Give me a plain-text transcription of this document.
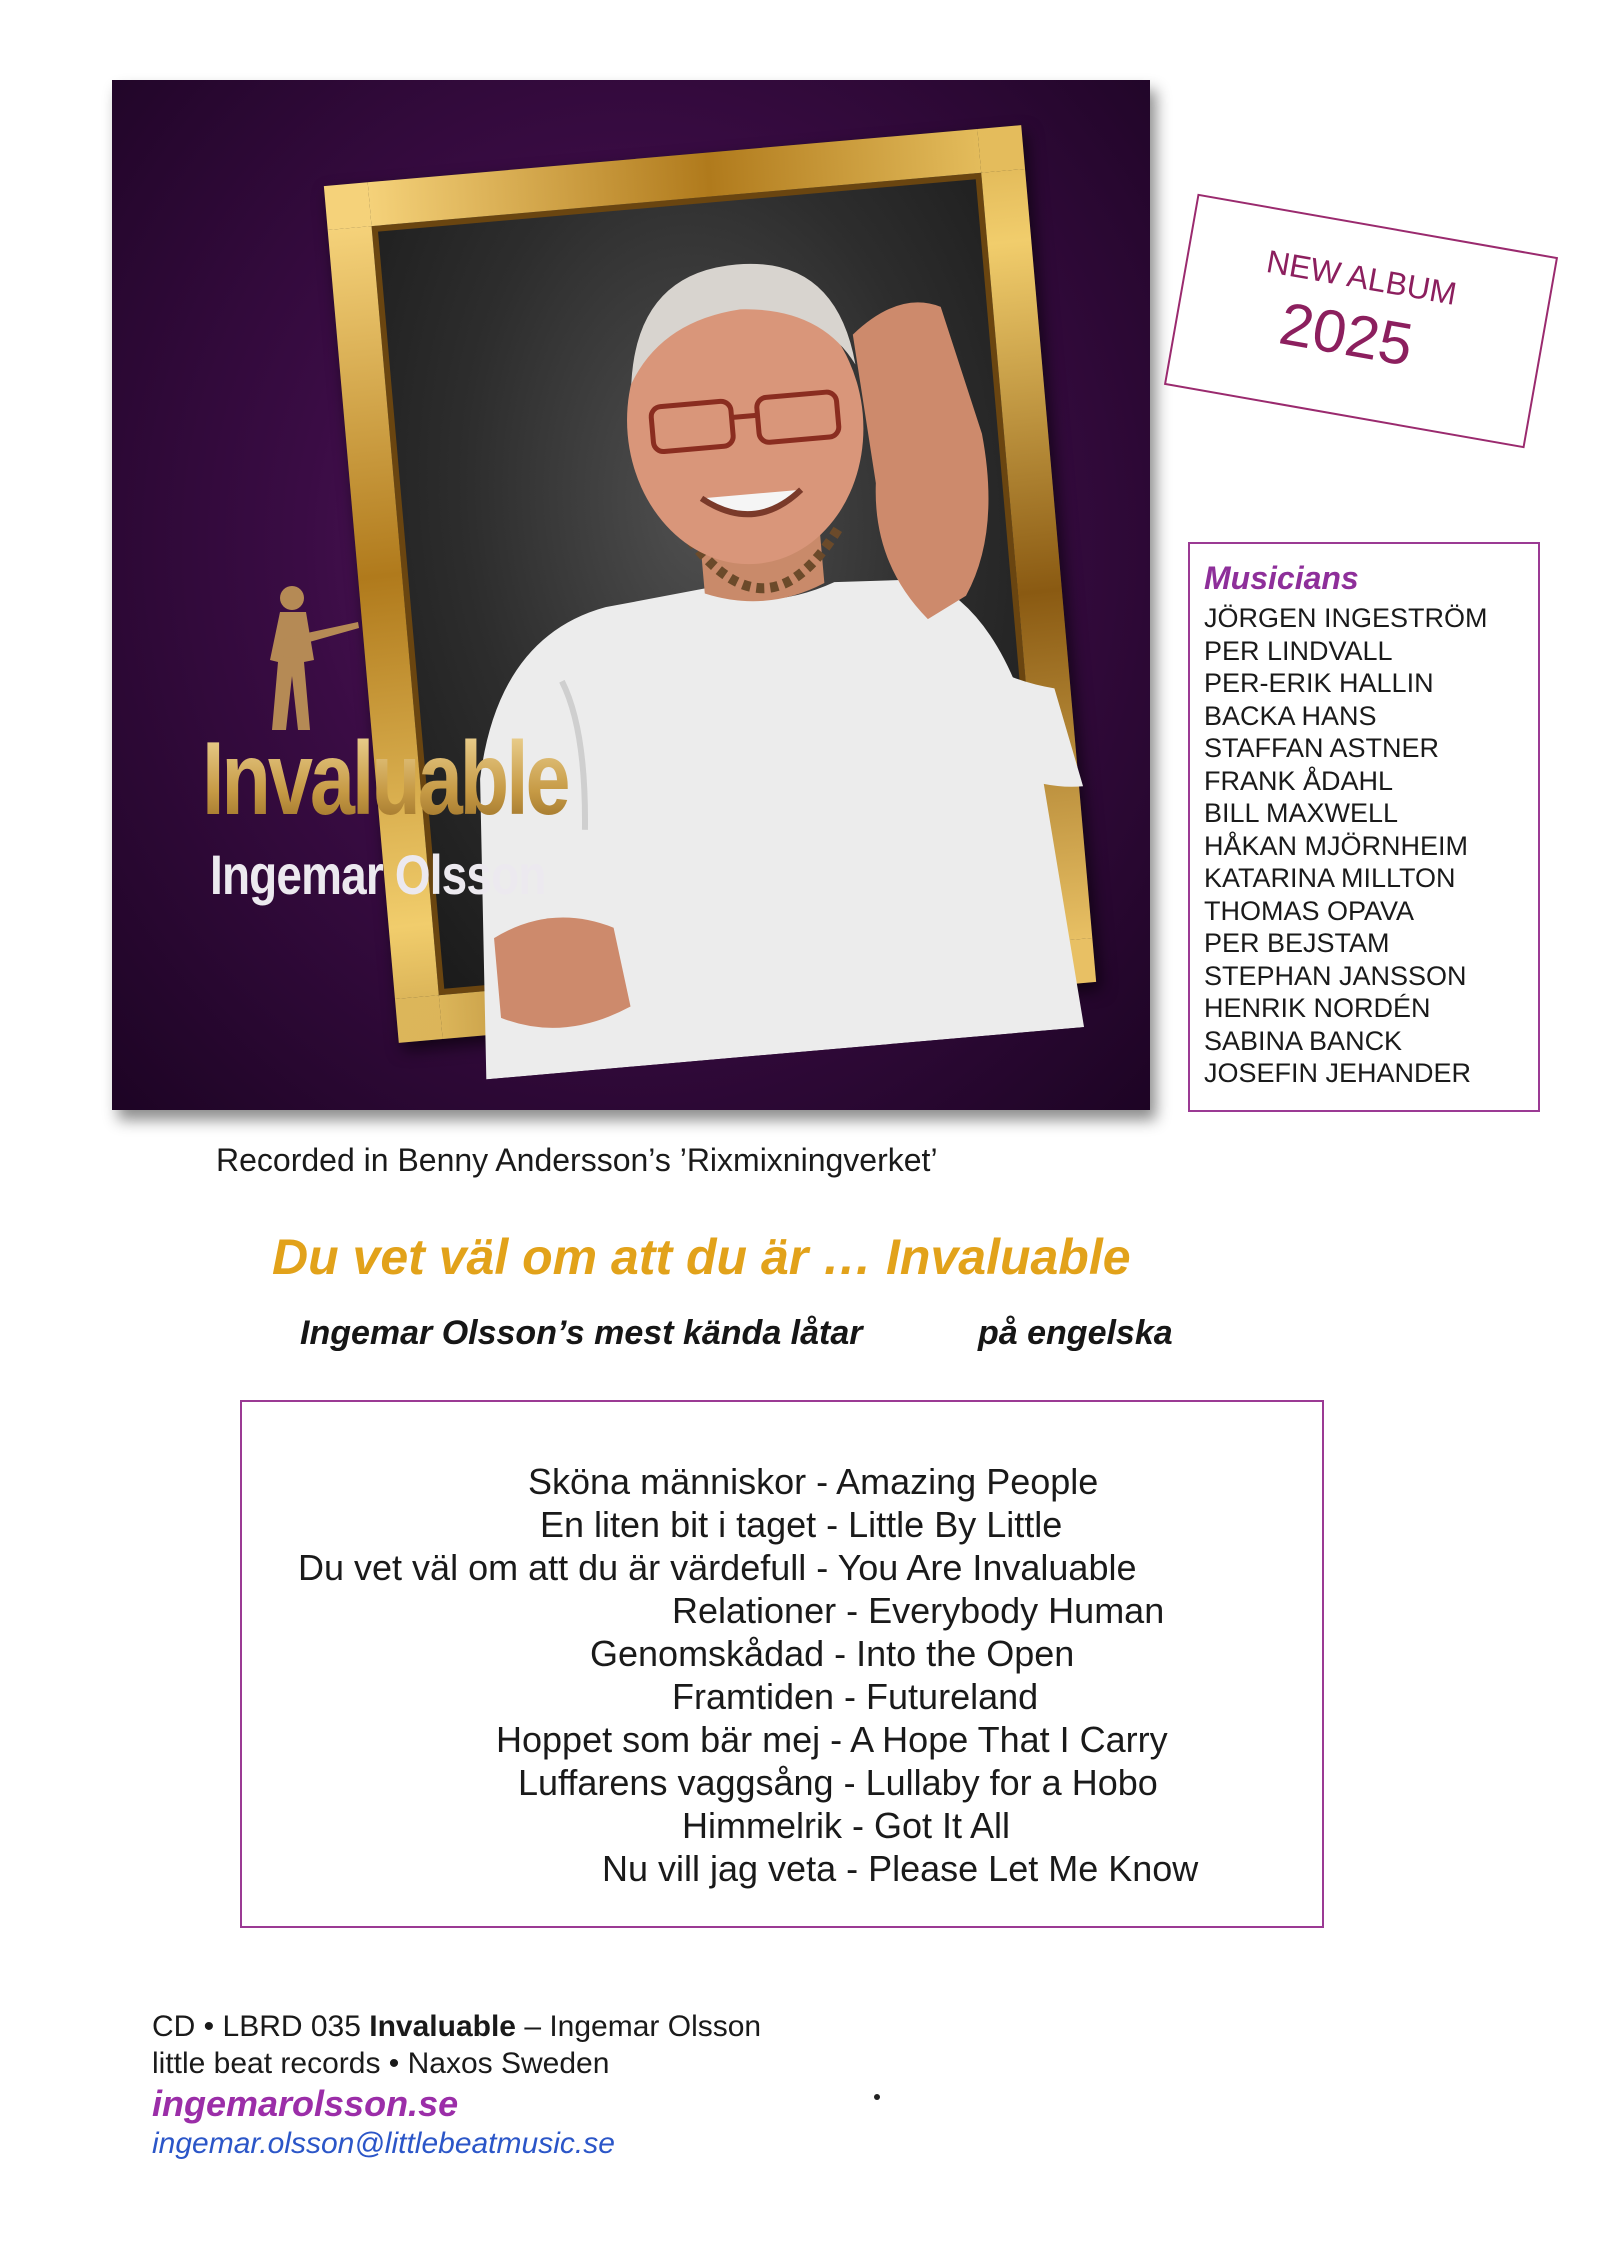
Invaluable
Ingemar Olsson
NEW ALBUM
2025
Musicians
JÖRGEN INGESTRÖM
PER LINDVALL
PER-ERIK HALLIN
BACKA HANS
STAFFAN ASTNER
FRANK ÅDAHL
BILL MAXWELL
HÅKAN MJÖRNHEIM
KATARINA MILLTON
THOMAS OPAVA
PER BEJSTAM
STEPHAN JANSSON
HENRIK NORDÉN
SABINA BANCK
JOSEFIN JEHANDER
Recorded in Benny Andersson’s ’Rixmixningverket’
Du vet väl om att du är … Invaluable
Ingemar Olsson’s mest kända låtar	på engelska

Sköna människor - Amazing People

En liten bit i taget - Little By Little

Du vet väl om att du är värdefull - You Are Invaluable

Relationer - Everybody Human

Genomskådad - Into the Open

Framtiden - Futureland

Hoppet som bär mej - A Hope That I Carry

Luffarens vaggsång - Lullaby for a Hobo

Himmelrik - Got It All

Nu vill jag veta - Please Let Me Know

CD • LBRD 035 Invaluable – Ingemar Olsson

little beat records • Naxos Sweden

ingemarolsson.se

ingemar.olsson@littlebeatmusic.se
